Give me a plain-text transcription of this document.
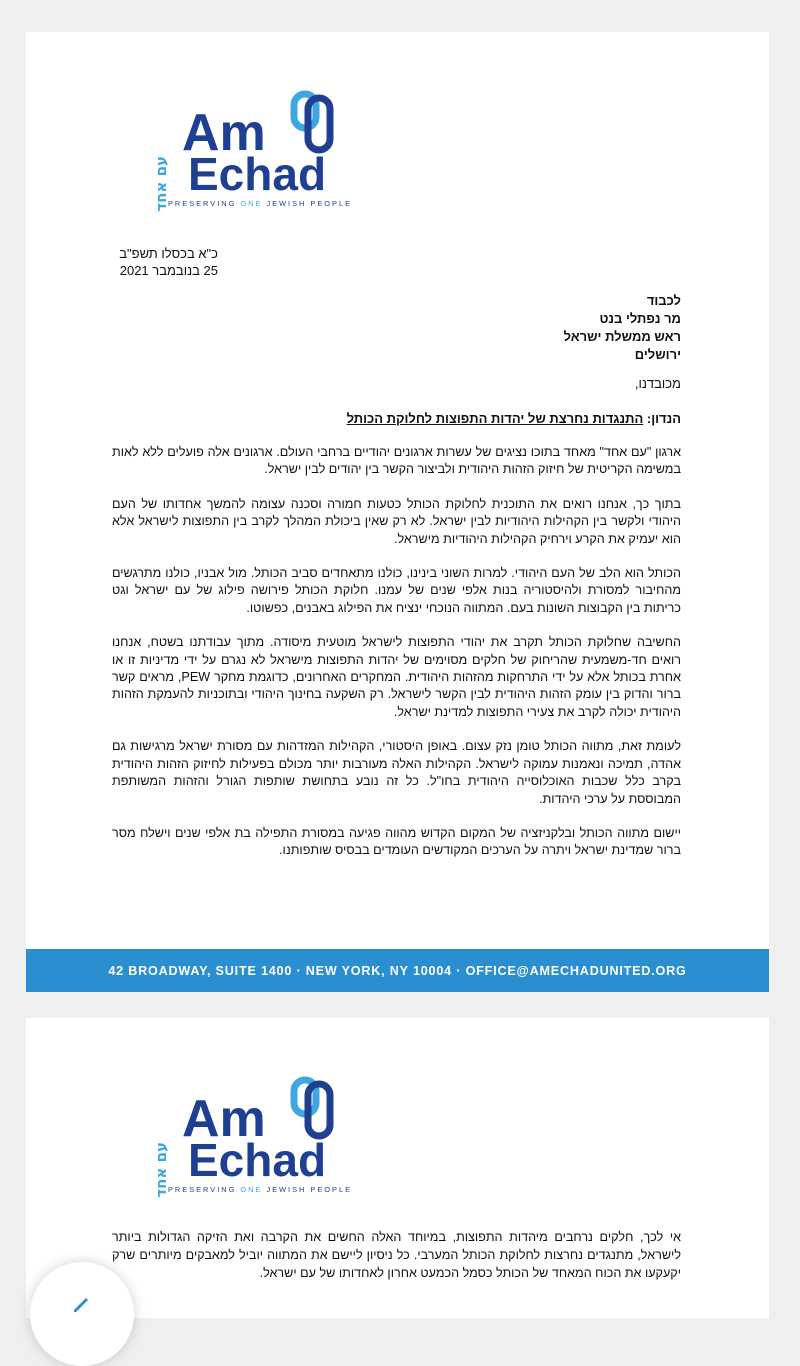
Am
Echad
עם אחד
PRESERVING ONE JEWISH PEOPLE
כ"א בכסלו תשפ"ב
25 בנובמבר 2021
לכבוד
מר נפתלי בנט
ראש ממשלת ישראל
ירושלים
מכובדנו,
הנדון: התנגדות נחרצת של יהדות התפוצות לחלוקת הכותל

ארגון "עם אחד" מאחד בתוכו נציגים של עשרות ארגונים יהודיים ברחבי העולם. ארגונים אלה פועלים ללא לאות במשימה הקריטית של חיזוק הזהות היהודית ולביצור הקשר בין יהודים לבין ישראל.

בתוך כך, אנחנו רואים את התוכנית לחלוקת הכותל כטעות חמורה וסכנה עצומה להמשך אחדותו של העם היהודי ולקשר בין הקהילות היהודיות לבין ישראל. לא רק שאין ביכולת המהלך לקרב בין התפוצות לישראל אלא הוא יעמיק את הקרע וירחיק הקהילות היהודיות מישראל.

הכותל הוא הלב של העם היהודי. למרות השוני בינינו, כולנו מתאחדים סביב הכותל. מול אבניו, כולנו מתרגשים מהחיבור למסורת ולהיסטוריה בנות אלפי שנים של עמנו. חלוקת הכותל פירושה פילוג של עם ישראל וגט כריתות בין הקבוצות השונות בעם. המתווה הנוכחי ינציח את הפילוג באבנים, כפשוטו.

החשיבה שחלוקת הכותל תקרב את יהודי התפוצות לישראל מוטעית מיסודה. מתוך עבודתנו בשטח, אנחנו רואים חד-משמעית שהריחוק של חלקים מסוימים של יהדות התפוצות מישראל לא נגרם על ידי מדיניות זו או אחרת בכותל אלא על ידי התרחקות מהזהות היהודית. המחקרים האחרונים, כדוגמת מחקר PEW, מראים קשר ברור והדוק בין עומק הזהות היהודית לבין הקשר לישראל. רק השקעה בחינוך היהודי ובתוכניות להעמקת הזהות היהודית יכולה לקרב את צעירי התפוצות למדינת ישראל.

לעומת זאת, מתווה הכותל טומן נזק עצום. באופן היסטורי, הקהילות המזדהות עם מסורת ישראל מרגישות גם אהדה, תמיכה ונאמנות עמוקה לישראל. הקהילות האלה מעורבות יותר מכולם בפעילות לחיזוק הזהות היהודית בקרב כלל שכבות האוכלוסייה היהודית בחו"ל. כל זה נובע בתחושת שותפות הגורל והזהות המשותפת המבוססת על ערכי היהדות.

יישום מתווה הכותל ובלקניזציה של המקום הקדוש מהווה פגיעה במסורת התפילה בת אלפי שנים וישלח מסר ברור שמדינת ישראל ויתרה על הערכים המקודשים העומדים בבסיס שותפותנו.

42 BROADWAY, SUITE 1400 · NEW YORK, NY 10004 · OFFICE@AMECHADUNITED.ORG
Am
Echad
עם אחד
PRESERVING ONE JEWISH PEOPLE

אי לכך, חלקים נרחבים מיהדות התפוצות, במיוחד האלה החשים את הקרבה ואת הזיקה הגדולות ביותר לישראל, מתנגדים נחרצות לחלוקת הכותל המערבי. כל ניסיון ליישם את המתווה יוביל למאבקים מיותרים שרק יקעקעו את הכוח המאחד של הכותל כסמל הכמעט אחרון לאחדותו של עם ישראל.
